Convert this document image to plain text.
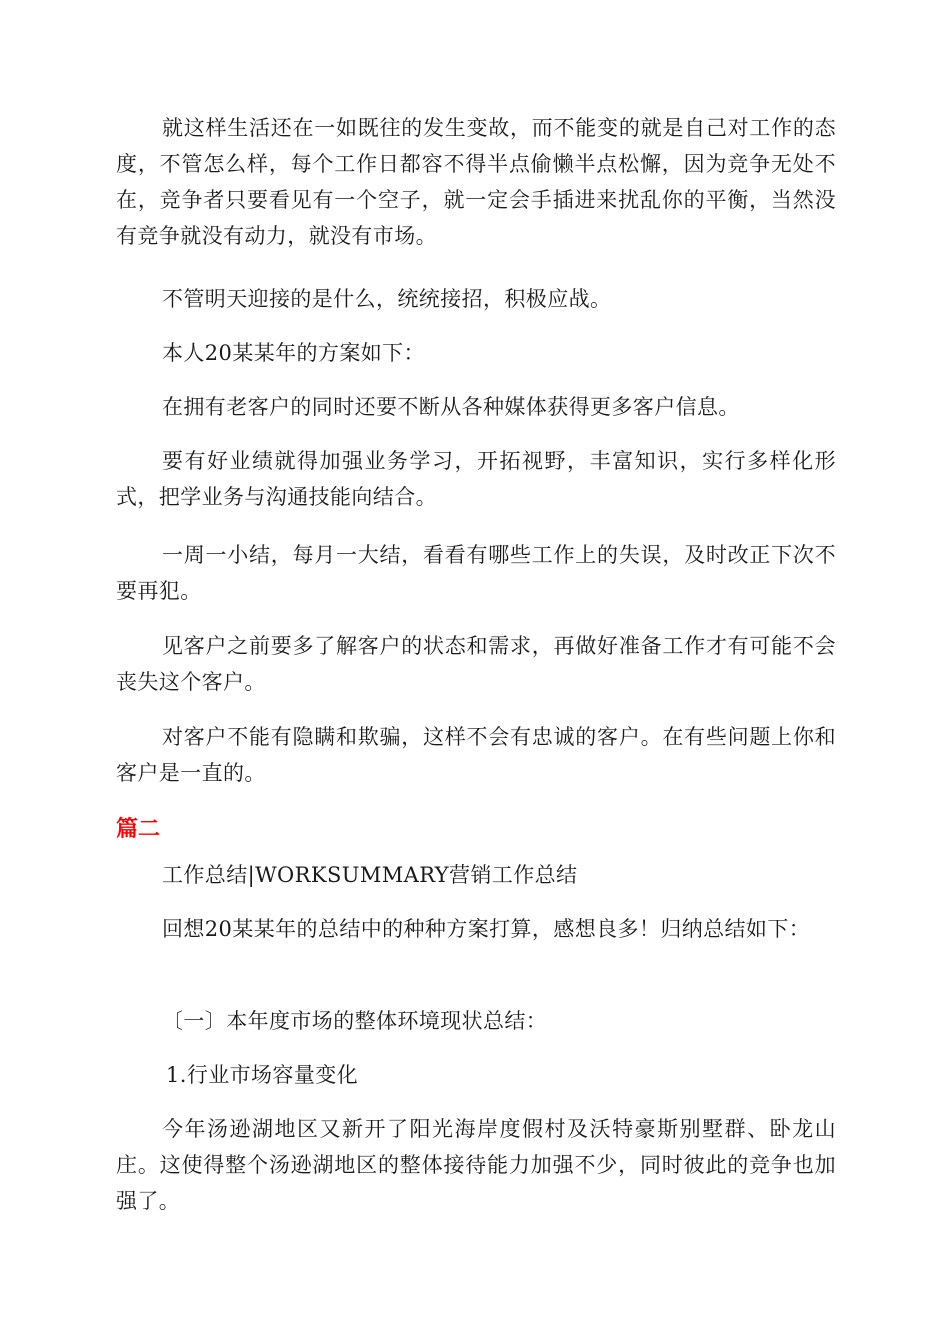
就这样生活还在一如既往的发生变故，而不能变的就是自己对工作的态度，不管怎么样，每个工作日都容不得半点偷懒半点松懈，因为竞争无处不在，竞争者只要看见有一个空子，就一定会手插进来扰乱你的平衡，当然没有竞争就没有动力，就没有市场。

不管明天迎接的是什么，统统接招，积极应战。

本人20某某年的方案如下：

在拥有老客户的同时还要不断从各种媒体获得更多客户信息。

要有好业绩就得加强业务学习，开拓视野，丰富知识，实行多样化形式，把学业务与沟通技能向结合。

一周一小结，每月一大结，看看有哪些工作上的失误，及时改正下次不要再犯。

见客户之前要多了解客户的状态和需求，再做好准备工作才有可能不会丧失这个客户。

对客户不能有隐瞒和欺骗，这样不会有忠诚的客户。在有些问题上你和客户是一直的。

篇二

工作总结|WORKSUMMARY营销工作总结

回想20某某年的总结中的种种方案打算，感想良多！归纳总结如下：

〔一〕本年度市场的整体环境现状总结：

1.行业市场容量变化

今年汤逊湖地区又新开了阳光海岸度假村及沃特豪斯别墅群、卧龙山庄。这使得整个汤逊湖地区的整体接待能力加强不少，同时彼此的竞争也加强了。
